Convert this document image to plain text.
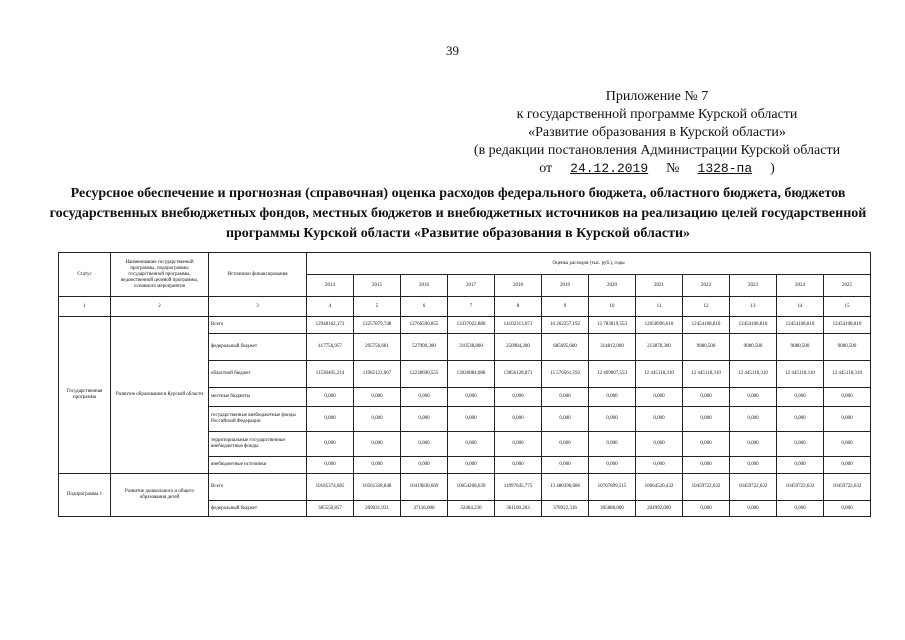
39
Приложение № 7
к государственной программе Курской области
«Развитие образования в Курской области»
(в редакции постановления Администрации Курской области
от	24.12.2019	№	1328-па	)
Ресурсное обеспечение и прогнозная (справочная) оценка расходов федерального бюджета, областного бюджета, бюджетов государственных внебюджетных фондов, местных бюджетов и внебюджетных источников на реализацию целей государственной программы Курской области «Развитие образования в Курской области»
Статус	Наименование государственной программы, подпрограммы государственной программы, ведомственной целевой программы, основного мероприятия	Источники финансирования	Оценка расходов (тыс. руб.), годы											
			2014	2015	2016	2017	2018	2019	2020	2021	2022	2023	2024	2025
1	2	3	4	5	6	7	8	9	10	11	12	13	14	15
Государственная программа	Развитие образования в Курской области	Всего	12948162,173	12257879,748	12766590,855	13337022,880	14102313,071	16 262257,192	12 783819,553	12658996,610	12454108,810	12454108,810	12454108,810	12454108,810
		федеральный бюджет	417756,957	295756,681	527900,300	310538,800	250984,200	685695,600	314812,000	213878,300	9080,500	9080,500	9080,500	9080,500
		областной бюджет	11530405,214	11962123,067	12238690,555	13026084,088	13856128,871	15 576561,592	12 469007,553	12 445118,310	12 445118,310	12 445118,310	12 445118,310	12 445118,310
		местные бюджеты	0,000	0,000	0,000	0,000	0,000	0,000	0,000	0,000	0,000	0,000	0,000	0,000
		государственные внебюджетные фонды Российской Федерации	0,000	0,000	0,000	0,000	0,000	0,000	0,000	0,000	0,000	0,000	0,000	0,000
		территориальные государственные внебюджетные фонды	0,000	0,000	0,000	0,000	0,000	0,000	0,000	0,000	0,000	0,000	0,000	0,000
		внебюджетные источники	0,000	0,000	0,000	0,000	0,000	0,000	0,000	0,000	0,000	0,000	0,000	0,000
Подпрограмма 1	Развитие дошкольного и общего образования детей	Всего	10185374,685	10561328,848	10419830,669	10654268,639	11997645,775	13 480396,686	10767899,515	10664520,432	10459722,632	10459722,632	10459722,632	10459722,632
		федеральный бюджет	385550,857	269031,931	37116,000	32464,230	361100,263	378922,316	305888,800	204992,000	0,000	0,000	0,000	0,000
